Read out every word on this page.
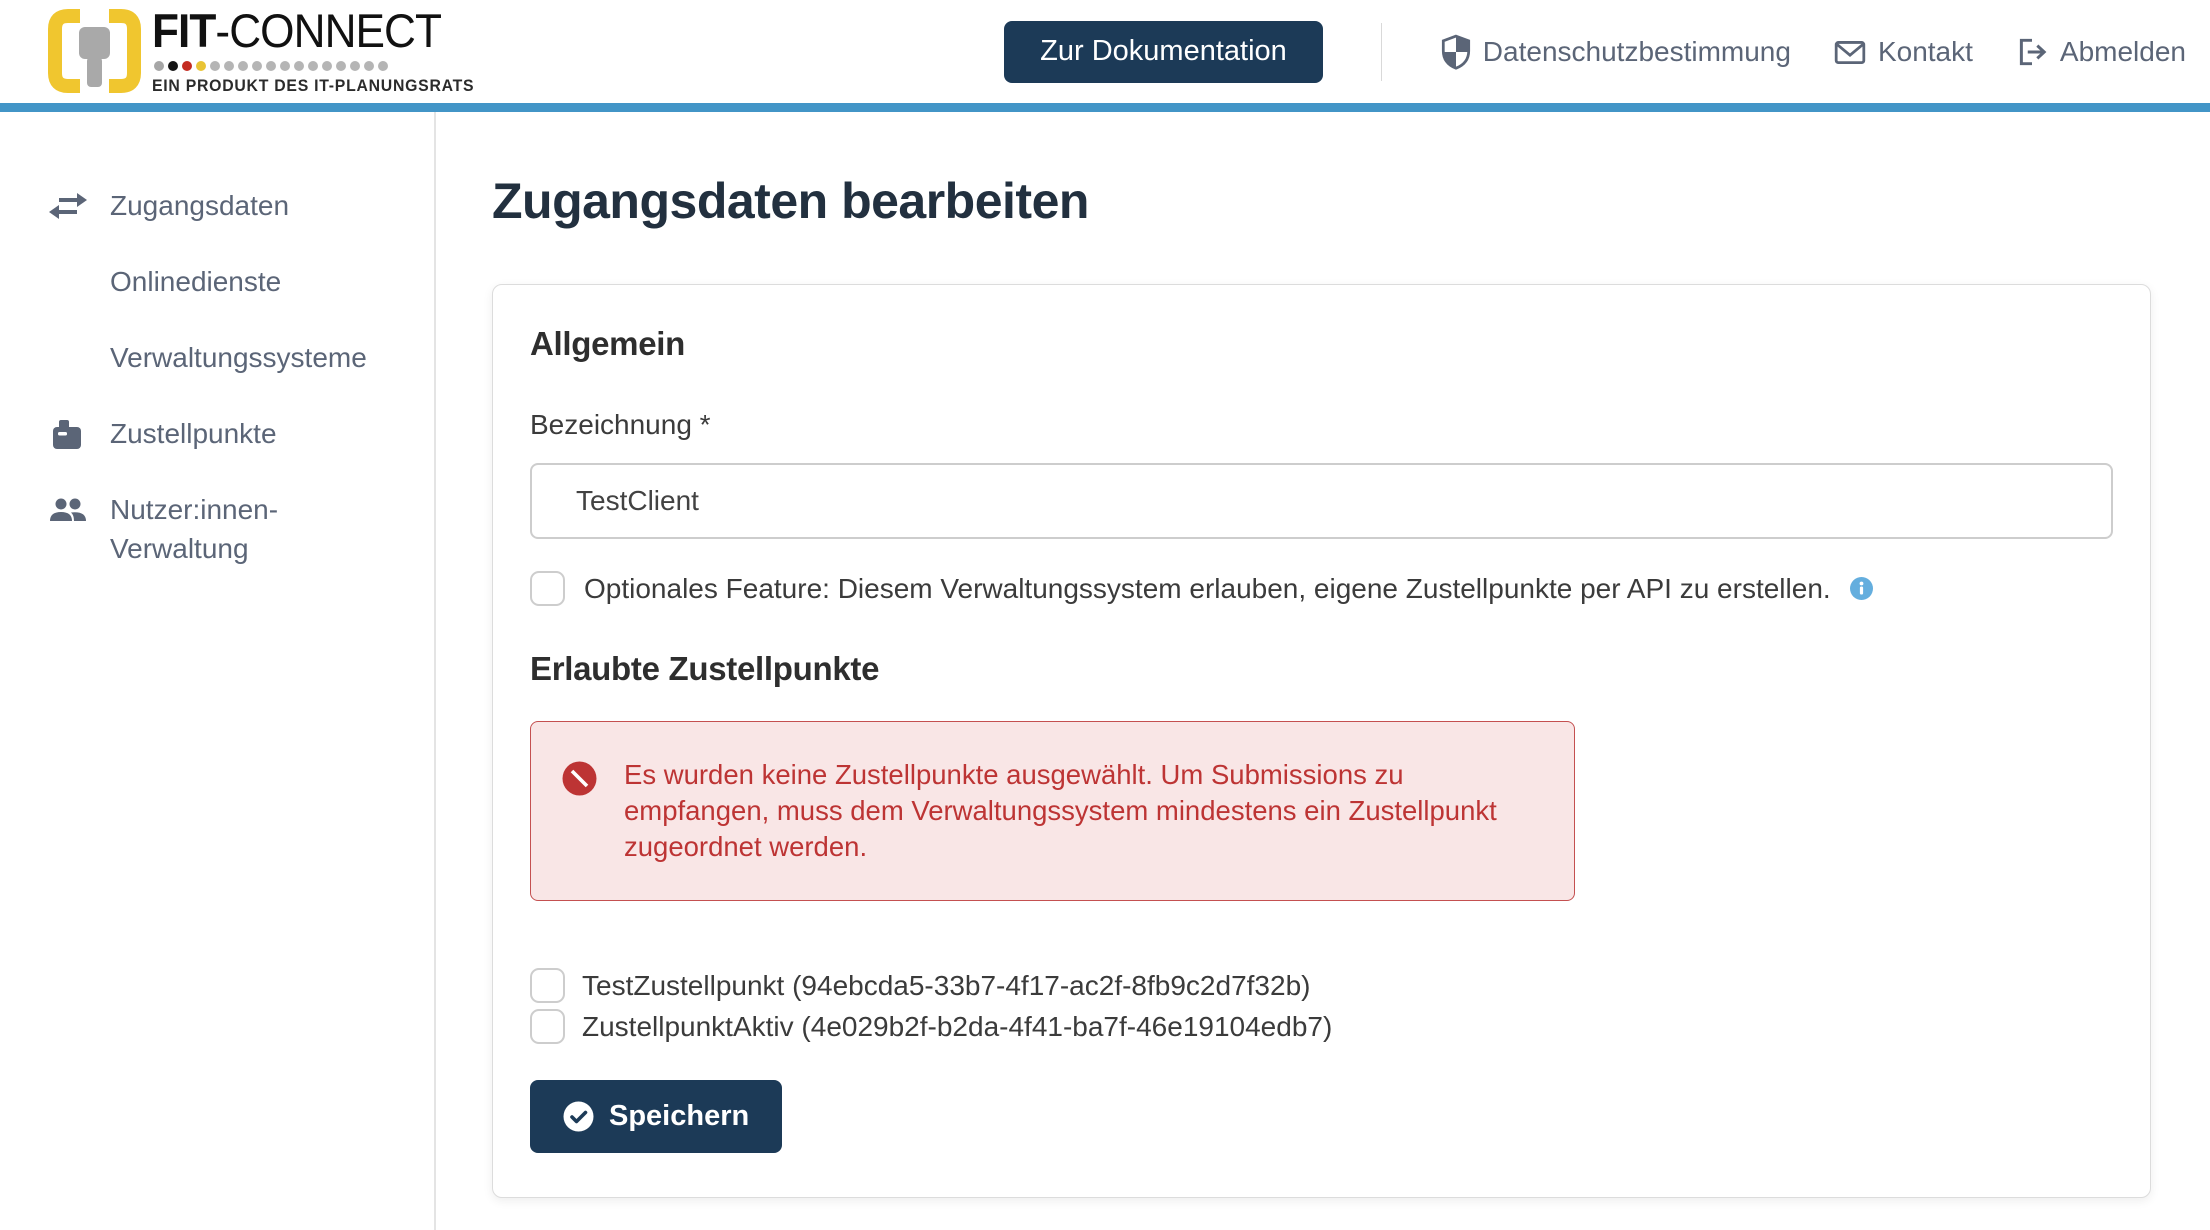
FIT-CONNECT
EIN PRODUKT DES IT-PLANUNGSRATS
Zur Dokumentation	Datenschutzbestimmung	Kontakt	Abmelden
Zugangsdaten
Onlinedienste
Verwaltungssysteme
Zustellpunkte
Nutzer:innen-Verwaltung
Zugangsdaten bearbeiten
Allgemein
Bezeichnung *
TestClient
Optionales Feature: Diesem Verwaltungssystem erlauben, eigene Zustellpunkte per API zu erstellen.
Erlaubte Zustellpunkte
Es wurden keine Zustellpunkte ausgewählt. Um Submissions zu empfangen, muss dem Verwaltungssystem mindestens ein Zustellpunkt zugeordnet werden.
TestZustellpunkt (94ebcda5-33b7-4f17-ac2f-8fb9c2d7f32b)
ZustellpunktAktiv (4e029b2f-b2da-4f41-ba7f-46e19104edb7)
Speichern
